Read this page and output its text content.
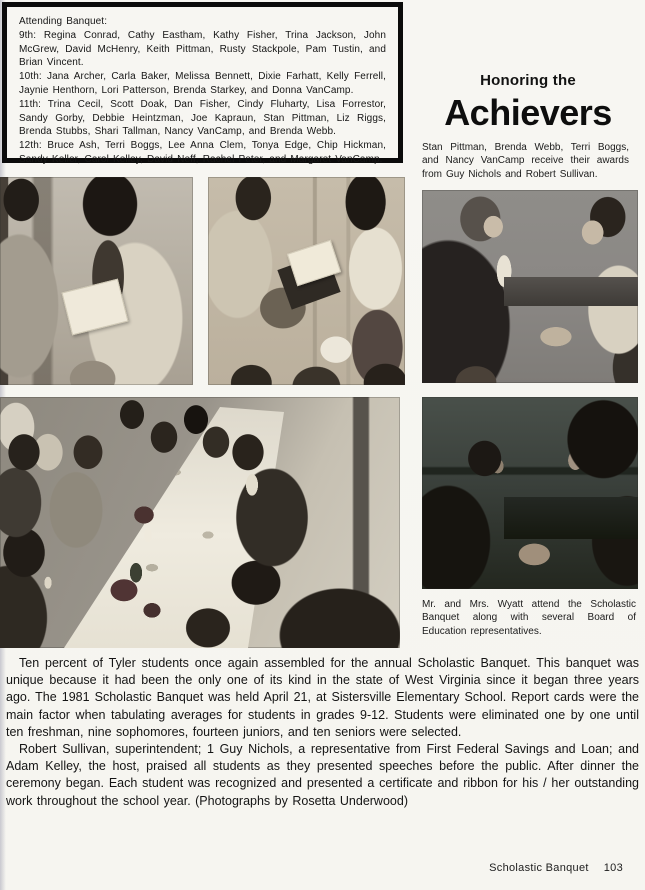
Attending Banquet:
9th: Regina Conrad, Cathy Eastham, Kathy Fisher, Trina Jackson, John McGrew, David McHenry, Keith Pittman, Rusty Stackpole, Pam Tustin, and Brian Vincent.
10th: Jana Archer, Carla Baker, Melissa Bennett, Dixie Farhatt, Kelly Ferrell, Jaynie Henthorn, Lori Patterson, Brenda Starkey, and Donna VanCamp.
11th: Trina Cecil, Scott Doak, Dan Fisher, Cindy Fluharty, Lisa Forrestor, Sandy Gorby, Debbie Heintzman, Joe Kapraun, Stan Pittman, Liz Riggs, Brenda Stubbs, Shari Tallman, Nancy VanCamp, and Brenda Webb.
12th: Bruce Ash, Terri Boggs, Lee Anna Clem, Tonya Edge, Chip Hickman, Sandy Keller, Carol Kelley, David Neff, Rachel Peter, and Margaret VanCamp.
Honoring the
Achievers
Stan Pittman, Brenda Webb, Terri Boggs, and Nancy VanCamp receive their awards from Guy Nichols and Robert Sullivan.
Mr. and Mrs. Wyatt attend the Scholastic Banquet along with several Board of Education representatives.

Ten percent of Tyler students once again assembled for the annual Scholastic Banquet. This banquet was unique because it had been the only one of its kind in the state of West Virginia since it began three years ago. The 1981 Scholastic Banquet was held April 21, at Sistersville Elementary School. Report cards were the main factor when tabulating averages for students in grades 9-12. Students were eliminated one by one until ten freshman, nine sophomores, fourteen juniors, and ten seniors were selected.

Robert Sullivan, superintendent; 1 Guy Nichols, a representative from First Federal Savings and Loan; and Adam Kelley, the host, praised all students as they presented speeches before the public. After dinner the ceremony began. Each student was recognized and presented a certificate and ribbon for his / her outstanding work throughout the school year. (Photographs by Rosetta Underwood)

Scholastic Banquet 103
